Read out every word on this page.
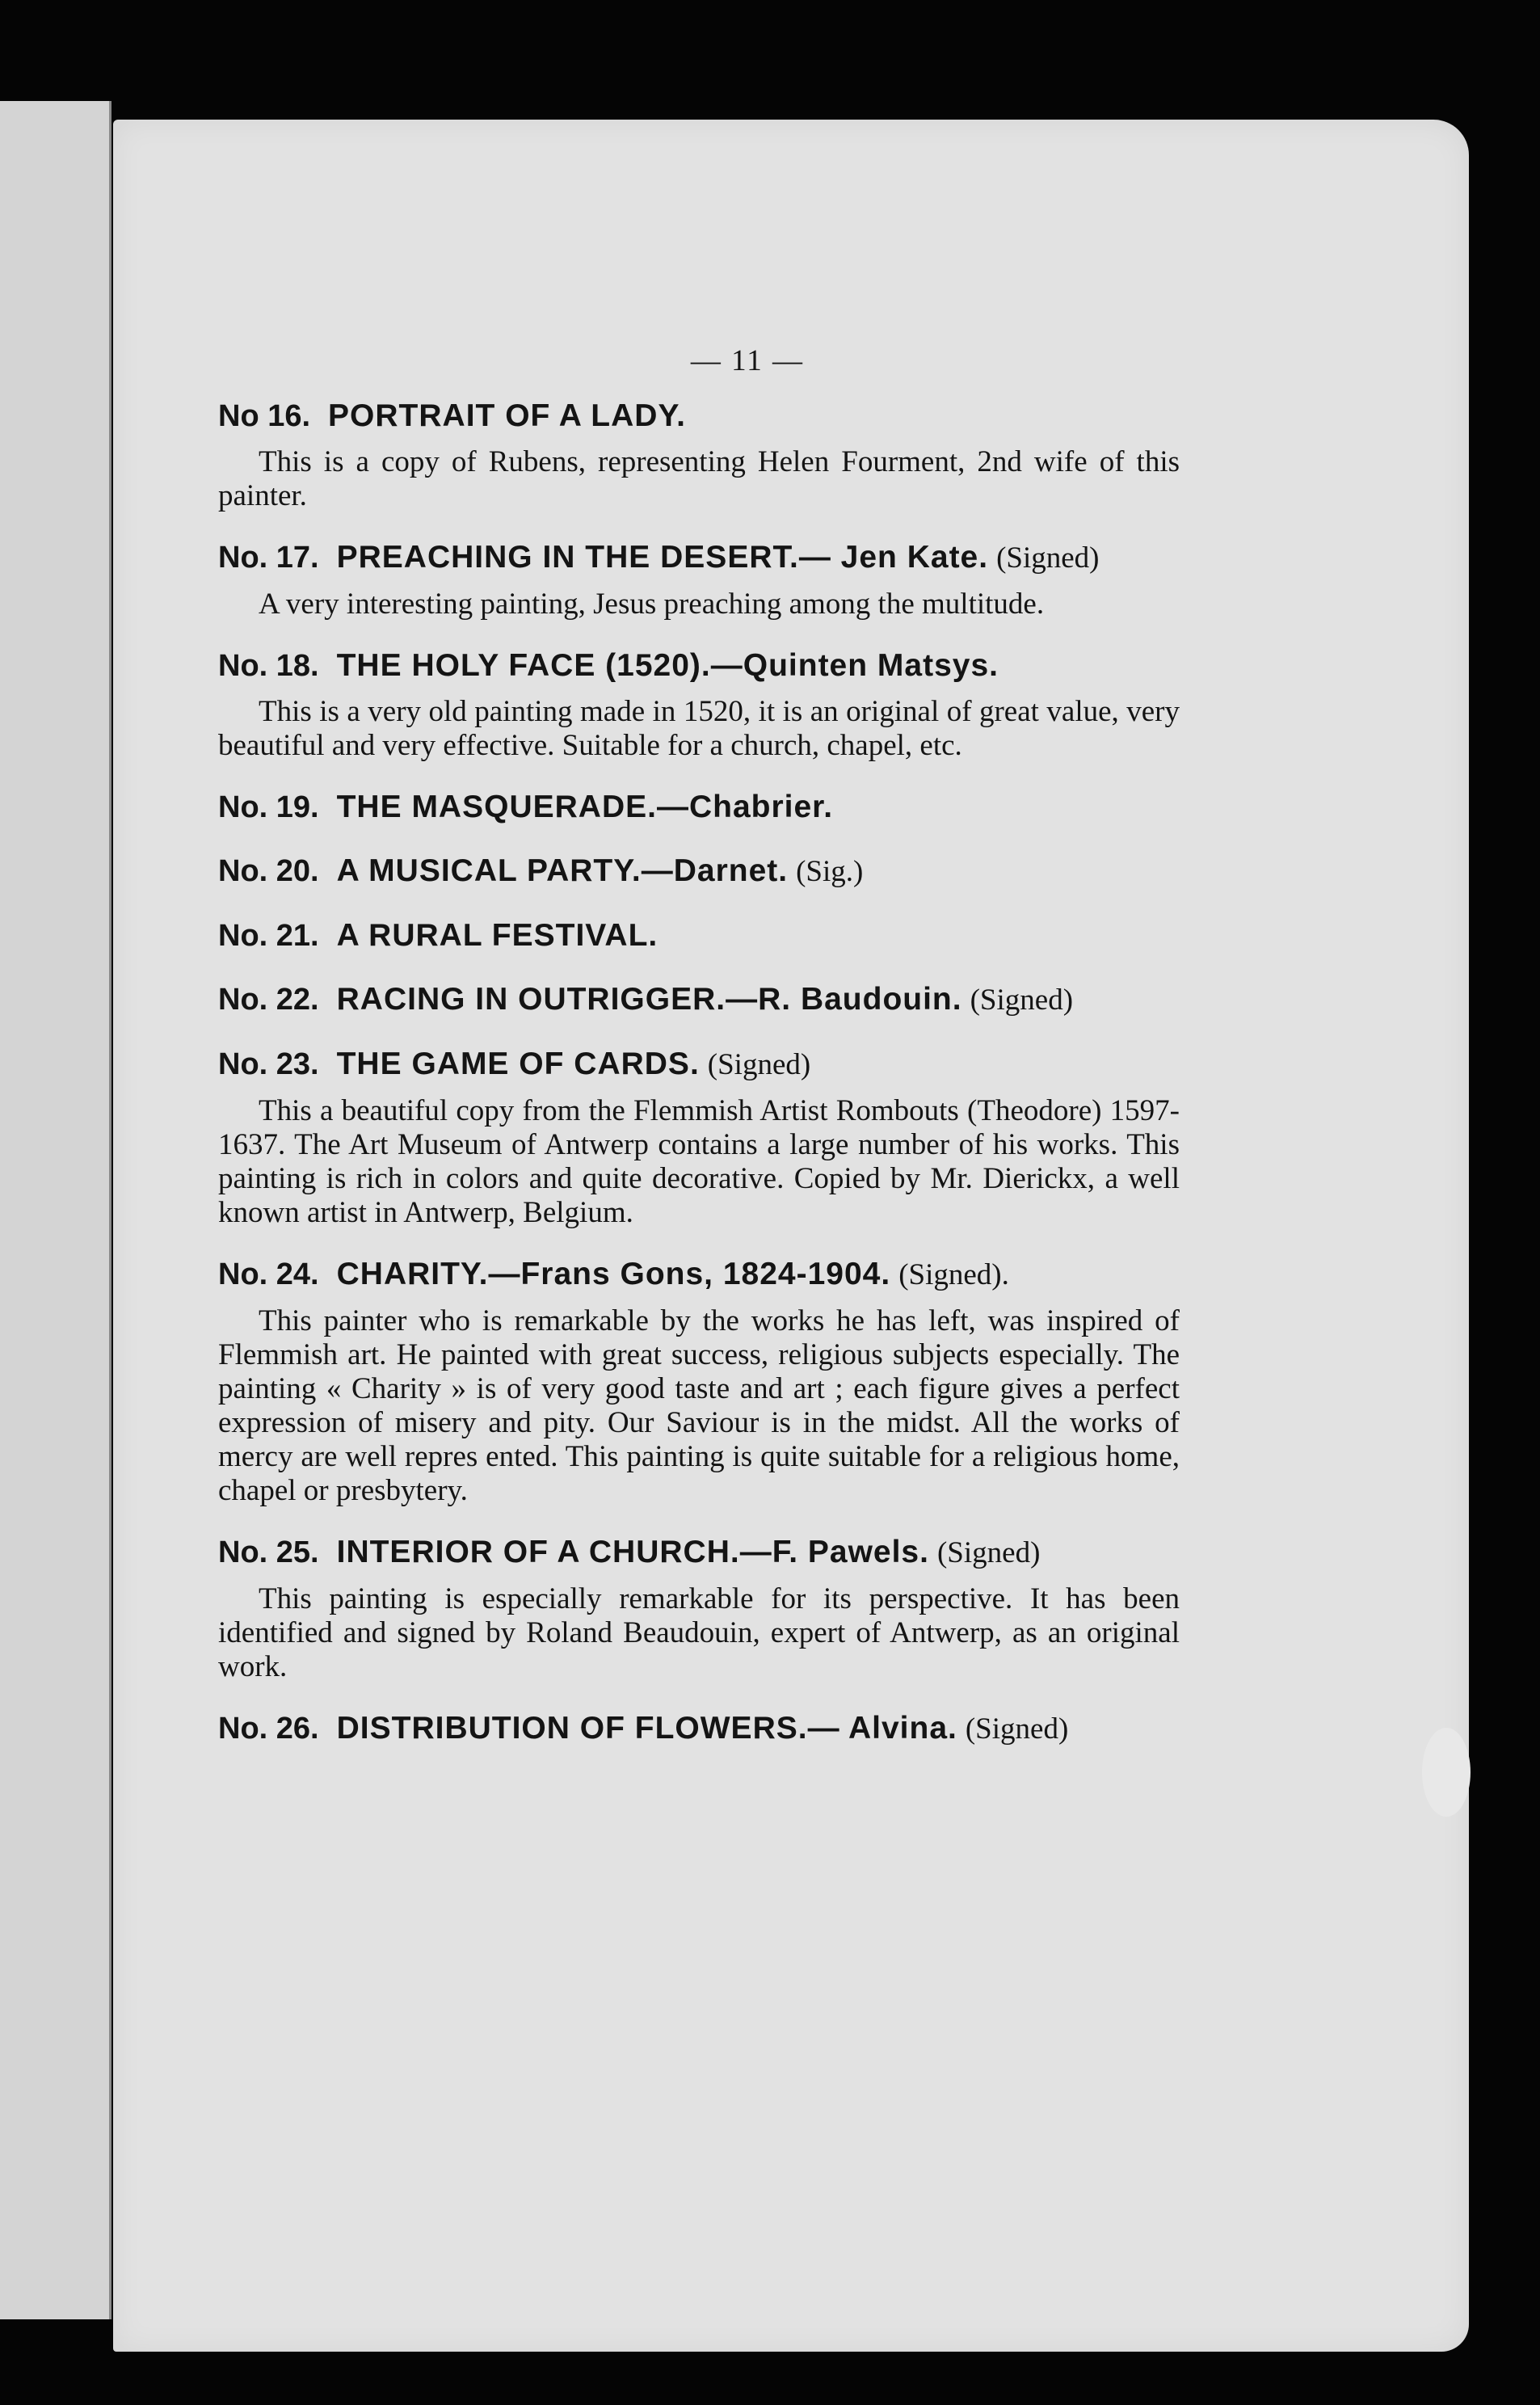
— 11 —

No 16. PORTRAIT OF A LADY.

This is a copy of Rubens, representing Helen Fourment, 2nd wife of this painter.

No. 17. PREACHING IN THE DESERT.— Jen Kate. (Signed)

A very interesting painting, Jesus preaching among the multitude.

No. 18. THE HOLY FACE (1520).—Quinten Matsys.

This is a very old painting made in 1520, it is an original of great value, very beautiful and very effective. Suitable for a church, chapel, etc.

No. 19. THE MASQUERADE.—Chabrier.

No. 20. A MUSICAL PARTY.—Darnet. (Sig.)

No. 21. A RURAL FESTIVAL.

No. 22. RACING IN OUTRIGGER.—R. Baudouin. (Signed)

No. 23. THE GAME OF CARDS. (Signed)

This a beautiful copy from the Flemmish Artist Rombouts (Theodore) 1597-1637. The Art Museum of Antwerp contains a large number of his works. This painting is rich in colors and quite decorative. Copied by Mr. Dierickx, a well known artist in Antwerp, Belgium.

No. 24. CHARITY.—Frans Gons, 1824-1904. (Signed).

This painter who is remarkable by the works he has left, was inspired of Flemmish art. He painted with great success, religious subjects especially. The painting « Charity » is of very good taste and art ; each figure gives a perfect expression of misery and pity. Our Saviour is in the midst. All the works of mercy are well repres ented. This painting is quite suitable for a religious home, chapel or presbytery.

No. 25. INTERIOR OF A CHURCH.—F. Pawels. (Signed)

This painting is especially remarkable for its perspective. It has been identified and signed by Roland Beaudouin, expert of Antwerp, as an original work.

No. 26. DISTRIBUTION OF FLOWERS.— Alvina. (Signed)
